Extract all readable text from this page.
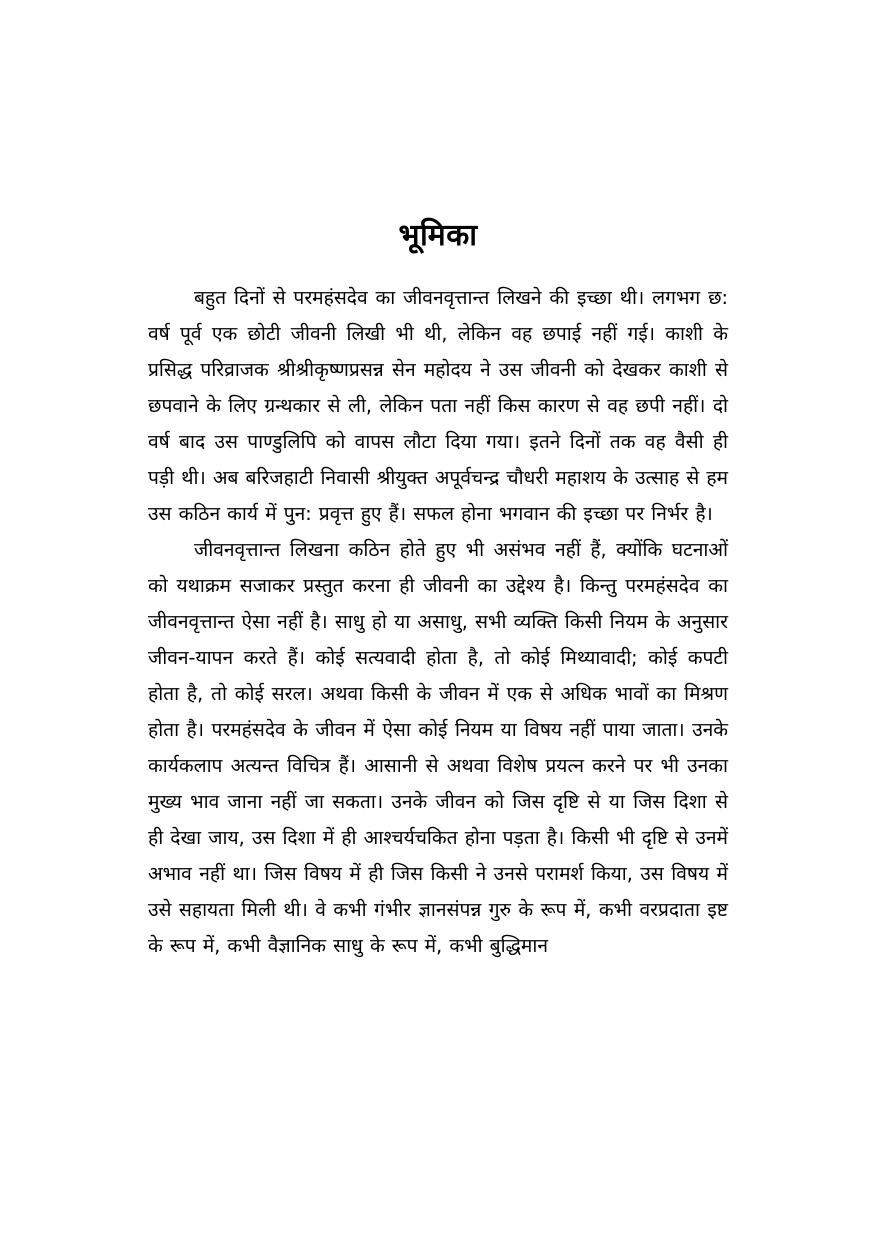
भूमिका

बहुत दिनों से परमहंसदेव का जीवनवृत्तान्त लिखने की इच्छा थी। लगभग छ: वर्ष पूर्व एक छोटी जीवनी लिखी भी थी, लेकिन वह छपाई नहीं गई। काशी के प्रसिद्ध परिव्राजक श्रीश्रीकृष्णप्रसन्न सेन महोदय ने उस जीवनी को देखकर काशी से छपवाने के लिए ग्रन्थकार से ली, लेकिन पता नहीं किस कारण से वह छपी नहीं। दो वर्ष बाद उस पाण्डुलिपि को वापस लौटा दिया गया। इतने दिनों तक वह वैसी ही पड़ी थी। अब बरिजहाटी निवासी श्रीयुक्त अपूर्वचन्द्र चौधरी महाशय के उत्साह से हम उस कठिन कार्य में पुन: प्रवृत्त हुए हैं। सफल होना भगवान की इच्छा पर निर्भर है।

जीवनवृत्तान्त लिखना कठिन होते हुए भी असंभव नहीं हैं, क्योंकि घटनाओं को यथाक्रम सजाकर प्रस्तुत करना ही जीवनी का उद्देश्य है। किन्तु परमहंसदेव का जीवनवृत्तान्त ऐसा नहीं है। साधु हो या असाधु, सभी व्यक्ति किसी नियम के अनुसार जीवन-यापन करते हैं। कोई सत्यवादी होता है, तो कोई मिथ्यावादी; कोई कपटी होता है, तो कोई सरल। अथवा किसी के जीवन में एक से अधिक भावों का मिश्रण होता है। परमहंसदेव के जीवन में ऐसा कोई नियम या विषय नहीं पाया जाता। उनके कार्यकलाप अत्यन्त विचित्र हैं। आसानी से अथवा विशेष प्रयत्न करने पर भी उनका मुख्य भाव जाना नहीं जा सकता। उनके जीवन को जिस दृष्टि से या जिस दिशा से ही देखा जाय, उस दिशा में ही आश्चर्यचकित होना पड़ता है। किसी भी दृष्टि से उनमें अभाव नहीं था। जिस विषय में ही जिस किसी ने उनसे परामर्श किया, उस विषय में उसे सहायता मिली थी। वे कभी गंभीर ज्ञानसंपन्न गुरु के रूप में, कभी वरप्रदाता इष्ट के रूप में, कभी वैज्ञानिक साधु के रूप में, कभी बुद्धिमान
